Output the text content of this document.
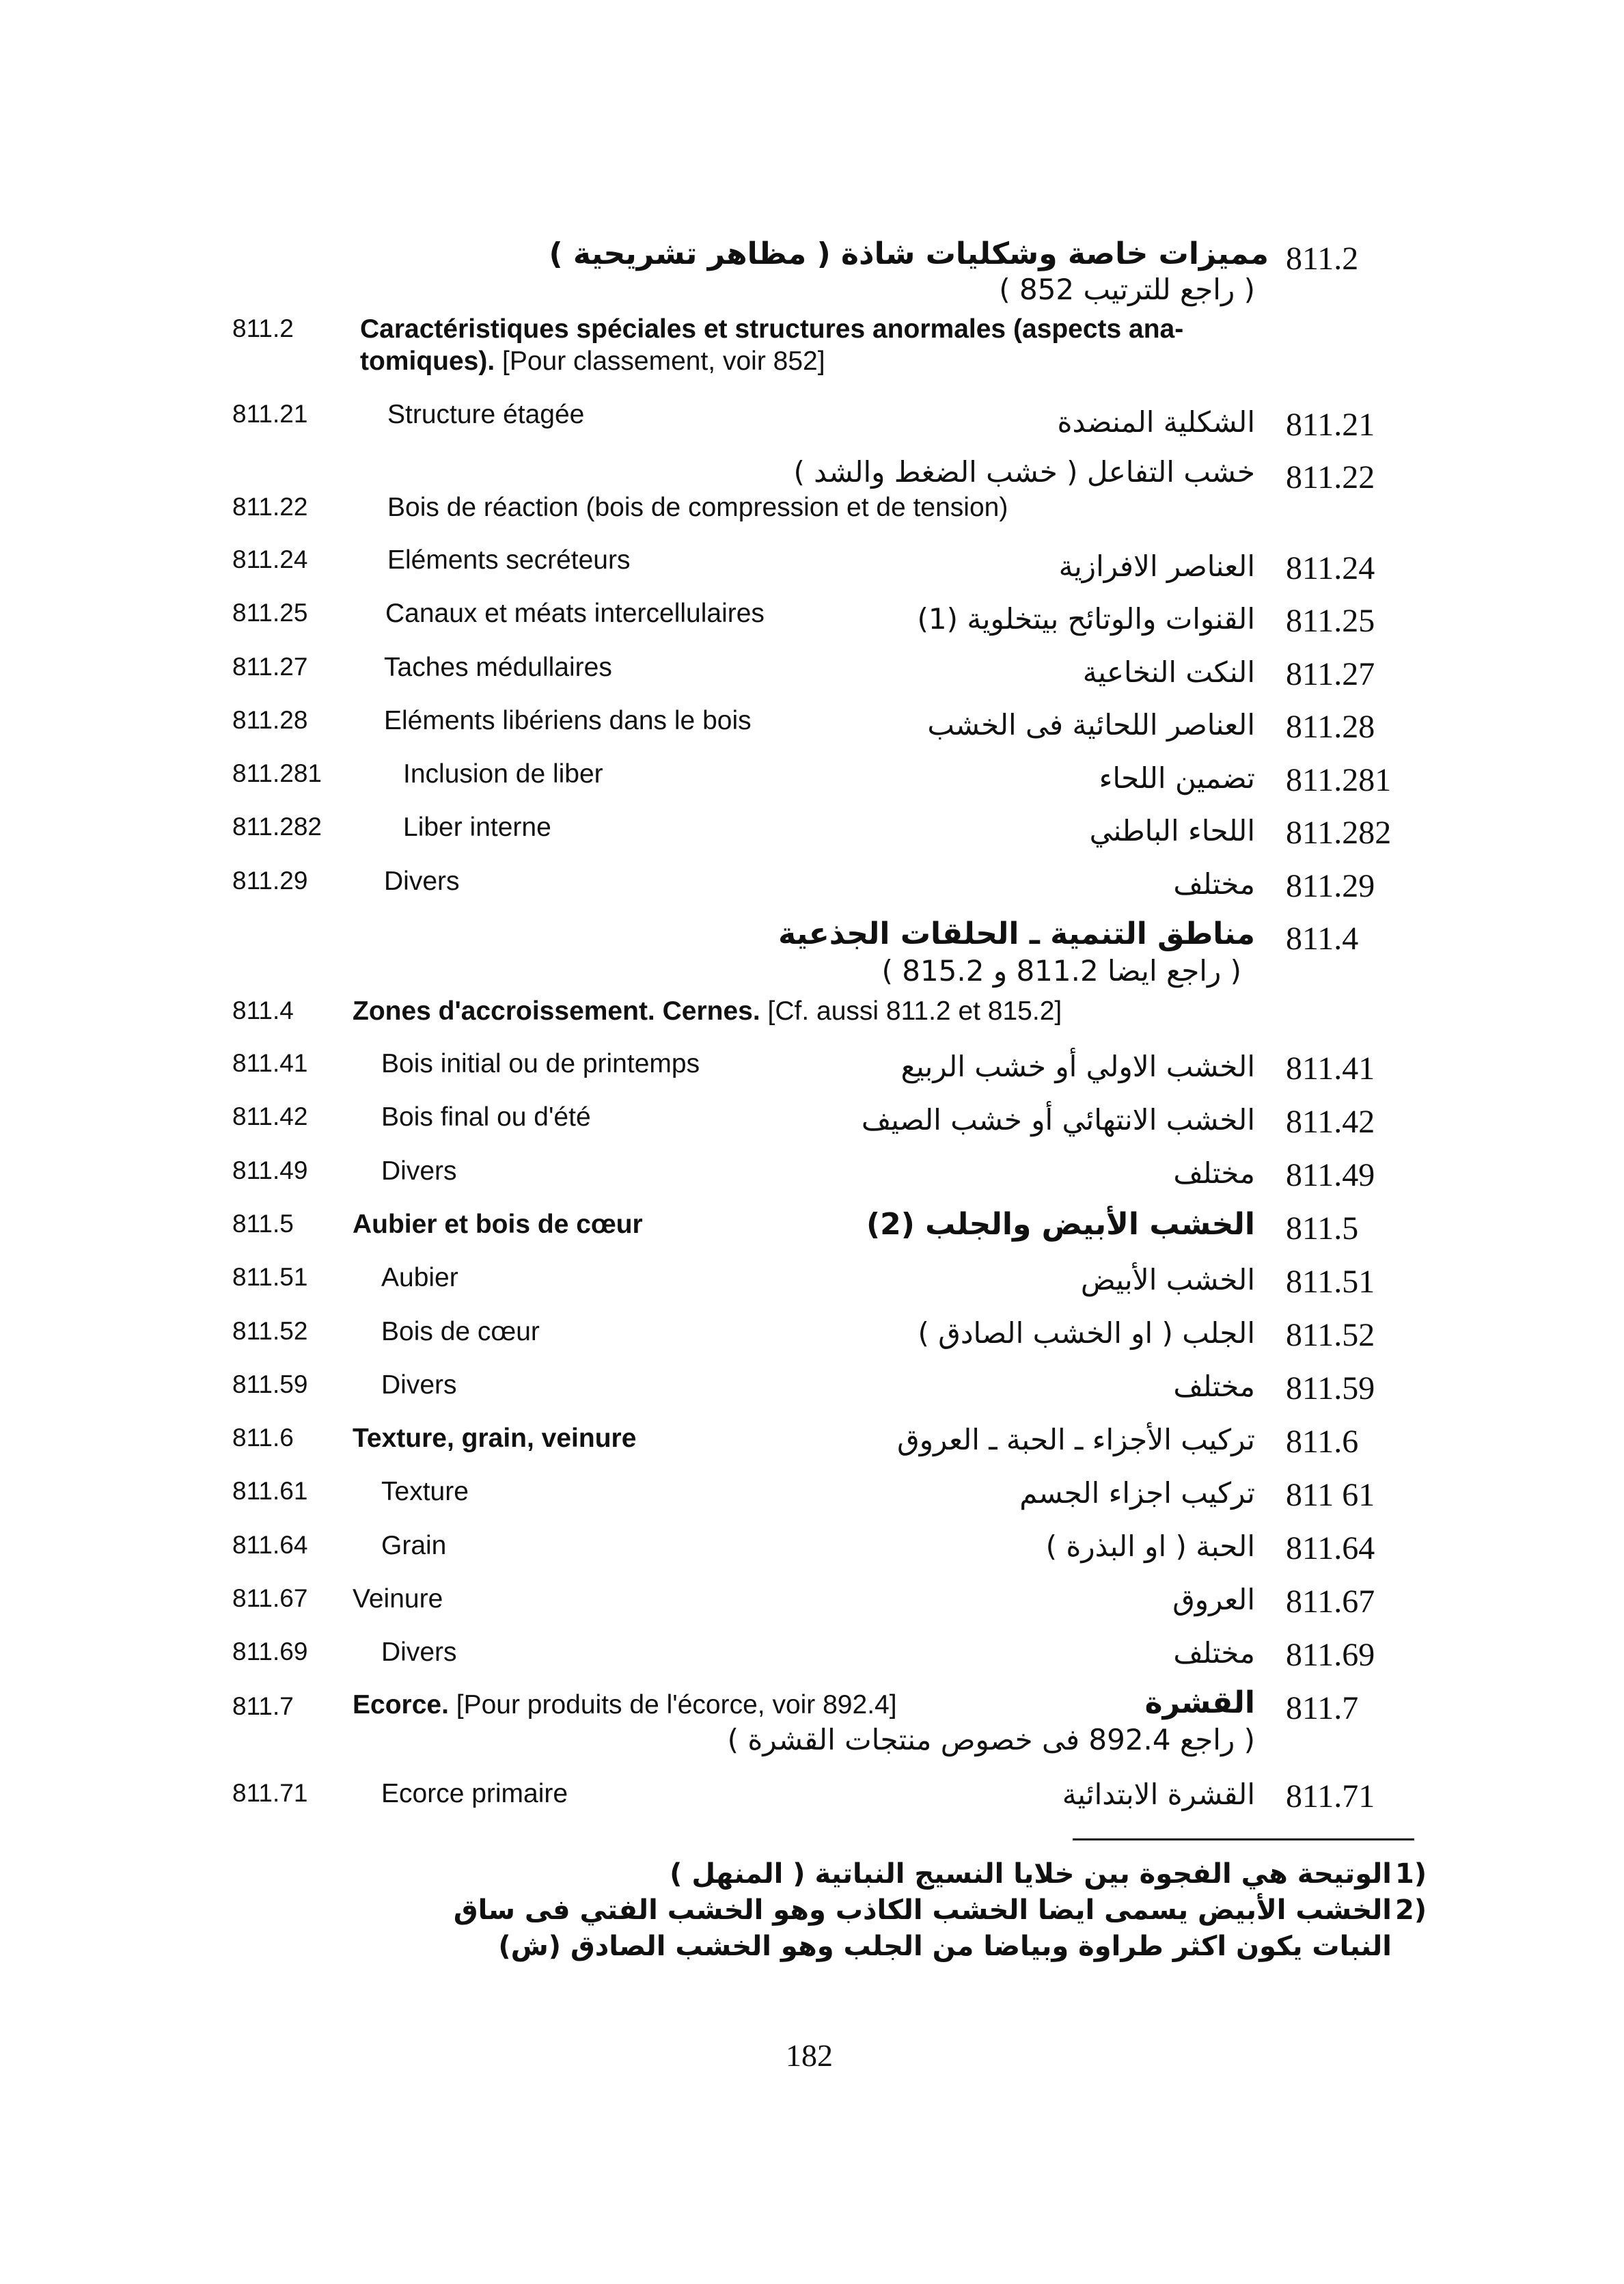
مميزات خاصة وشكليات شاذة ( مظاهر تشريحية ) 811.2
( راجع للترتيب 852 )
811.2 Caractéristiques spéciales et structures anormales (aspects ana-
tomiques). [Pour classement, voir 852]
811.21	Structure étagée	الشكلية المنضدة 811.21
خشب التفاعل ( خشب الضغط والشد ) 811.22
811.22	Bois de réaction (bois de compression et de tension)
811.24	Eléments secréteurs	العناصر الافرازية 811.24
811.25	Canaux et méats intercellulaires	القنوات والوتائح بيتخلوية (1) 811.25
811.27	Taches médullaires	النكت النخاعية 811.27
811.28	Eléments libériens dans le bois	العناصر اللحائية فى الخشب 811.28
811.281	Inclusion de liber	تضمين اللحاء 811.281
811.282	Liber interne	اللحاء الباطني 811.282
811.29	Divers	مختلف 811.29
مناطق التنمية ـ الحلقات الجذعية 811.4
( راجع ايضا 811.2 و 815.2 )
811.4 Zones d'accroissement. Cernes. [Cf. aussi 811.2 et 815.2]
811.41	Bois initial ou de printemps	الخشب الاولي أو خشب الربيع 811.41
811.42	Bois final ou d'été	الخشب الانتهائي أو خشب الصيف 811.42
811.49	Divers	مختلف 811.49
811.5 Aubier et bois de cœur	الخشب الأبيض والجلب (2) 811.5
811.51	Aubier	الخشب الأبيض 811.51
811.52	Bois de cœur	الجلب ( او الخشب الصادق ) 811.52
811.59	Divers	مختلف 811.59
811.6 Texture, grain, veinure	تركيب الأجزاء ـ الحبة ـ العروق 811.6
811.61	Texture	تركيب اجزاء الجسم 811 61
811.64	Grain	الحبة ( او البذرة ) 811.64
811.67 Veinure	العروق 811.67
811.69	Divers	مختلف 811.69
811.7 Ecorce. [Pour produits de l'écorce, voir 892.4]	القشرة 811.7
( راجع 892.4 فى خصوص منتجات القشرة )
811.71	Ecorce primaire	القشرة الابتدائية 811.71
الوتيحة هي الفجوة بين خلايا النسيج النباتية ( المنهل ) (1
الخشب الأبيض يسمى ايضا الخشب الكاذب وهو الخشب الفتي فى ساق (2
النبات يكون اكثر طراوة وبياضا من الجلب وهو الخشب الصادق (ش)
182
